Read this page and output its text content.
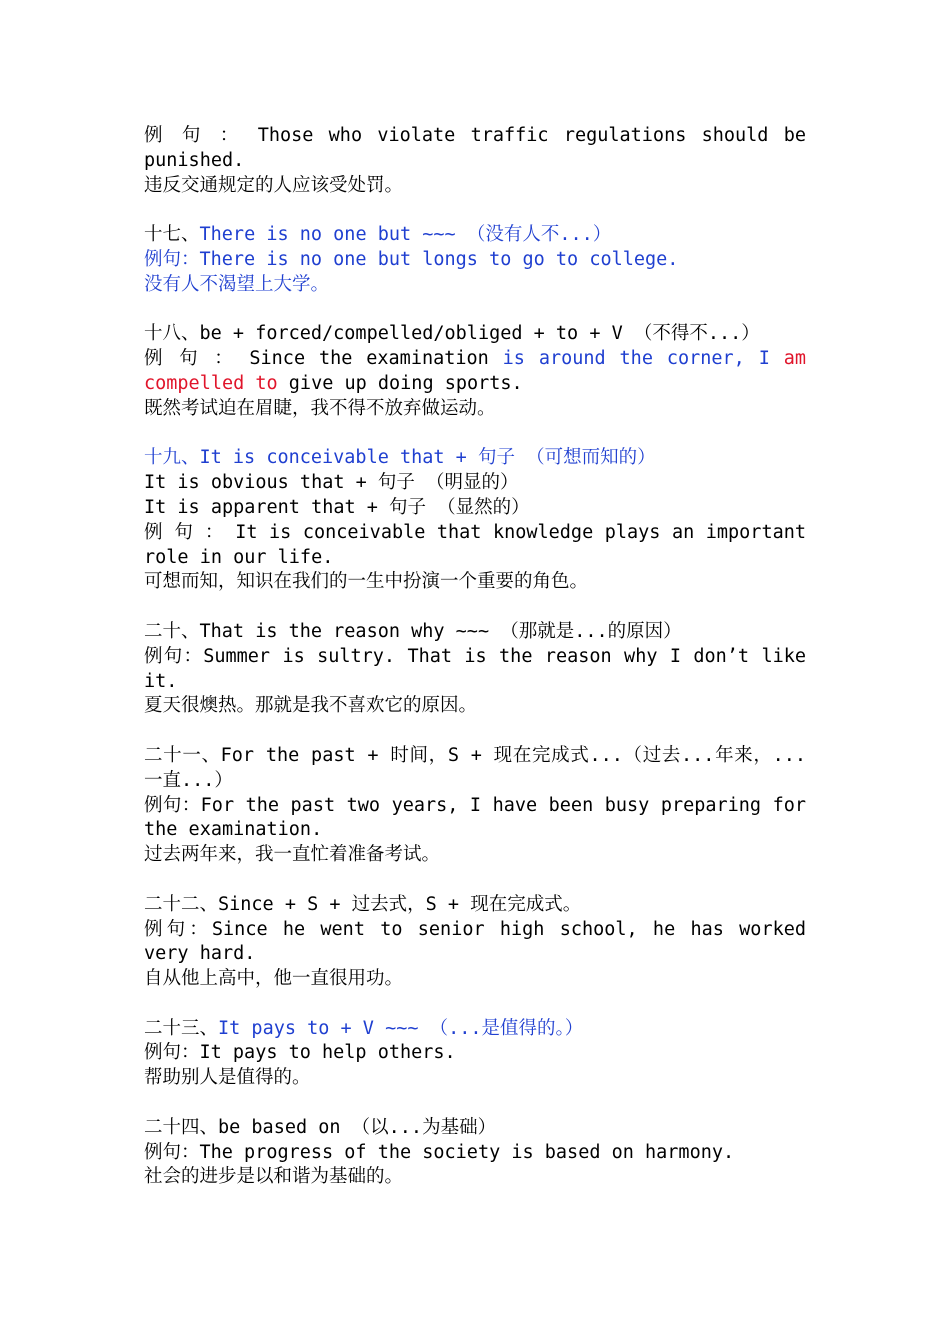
例 句 ： Those who violate traffic regulations should be punished.
违反交通规定的人应该受处罚。
十七、There is no one but ~~~ （没有人不...）
例句：There is no one but longs to go to college.
没有人不渴望上大学。
十八、be + forced/compelled/obliged + to + V （不得不...）
例 句 ： Since the examination is around the corner, I am compelled to give up doing sports.
既然考试迫在眉睫，我不得不放弃做运动。
十九、It is conceivable that + 句子 （可想而知的）
It is obvious that + 句子 （明显的）
It is apparent that + 句子 （显然的）
例 句 ： It is conceivable that knowledge plays an important role in our life.
可想而知，知识在我们的一生中扮演一个重要的角色。
二十、That is the reason why ~~~ （那就是...的原因）
例句：Summer is sultry. That is the reason why I don’t like it.
夏天很燠热。那就是我不喜欢它的原因。
二十一、For the past + 时间，S + 现在完成式...（过去...年来，...一直...）
例句：For the past two years, I have been busy preparing for the examination.
过去两年来，我一直忙着准备考试。
二十二、Since + S + 过去式，S + 现在完成式。
例句：Since he went to senior high school, he has worked very hard.
自从他上高中，他一直很用功。
二十三、It pays to + V ~~~ （...是值得的。）
例句：It pays to help others.
帮助别人是值得的。
二十四、be based on （以...为基础）
例句：The progress of the society is based on harmony.
社会的进步是以和谐为基础的。
